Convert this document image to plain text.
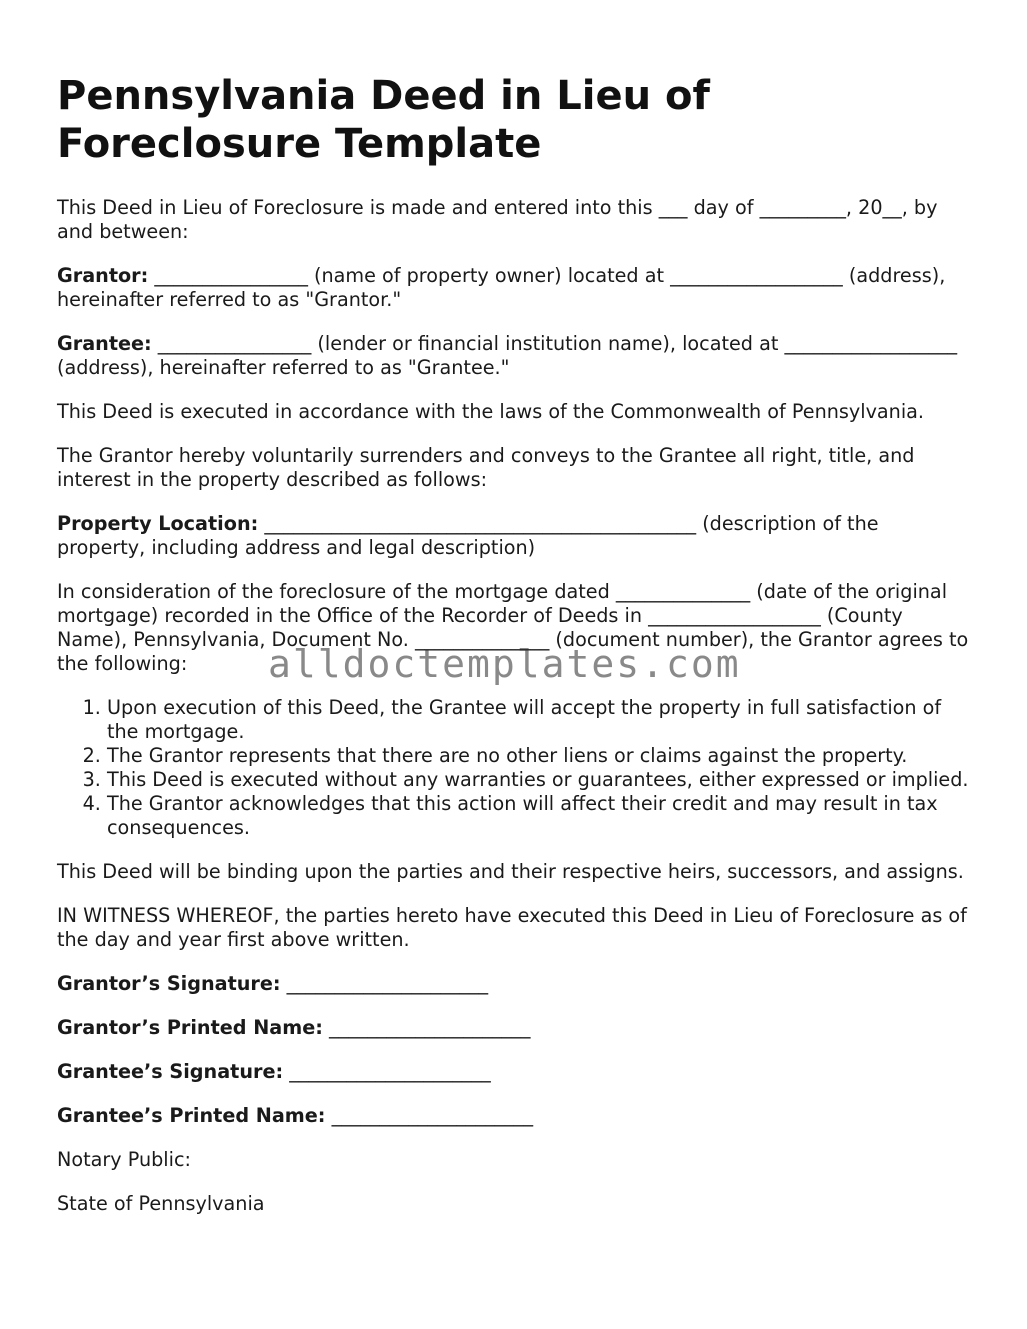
Pennsylvania Deed in Lieu of Foreclosure Template

This Deed in Lieu of Foreclosure is made and entered into this ___ day of _________, 20__, by and between:

Grantor: ________________ (name of property owner) located at __________________ (address), hereinafter referred to as "Grantor."

Grantee: ________________ (lender or financial institution name), located at __________________ (address), hereinafter referred to as "Grantee."

This Deed is executed in accordance with the laws of the Commonwealth of Pennsylvania.

The Grantor hereby voluntarily surrenders and conveys to the Grantee all right, title, and interest in the property described as follows:

Property Location: _____________________________________________ (description of the property, including address and legal description)

In consideration of the foreclosure of the mortgage dated ______________ (date of the original mortgage) recorded in the Office of the Recorder of Deeds in __________________ (County Name), Pennsylvania, Document No. ______________ (document number), the Grantor agrees to the following:

1. Upon execution of this Deed, the Grantee will accept the property in full satisfaction of the mortgage.
2. The Grantor represents that there are no other liens or claims against the property.
3. This Deed is executed without any warranties or guarantees, either expressed or implied.
4. The Grantor acknowledges that this action will affect their credit and may result in tax consequences.

This Deed will be binding upon the parties and their respective heirs, successors, and assigns.

IN WITNESS WHEREOF, the parties hereto have executed this Deed in Lieu of Foreclosure as of the day and year first above written.

Grantor’s Signature: _____________________

Grantor’s Printed Name: _____________________

Grantee’s Signature: _____________________

Grantee’s Printed Name: _____________________

Notary Public:

State of Pennsylvania

alldoctemplates.com
